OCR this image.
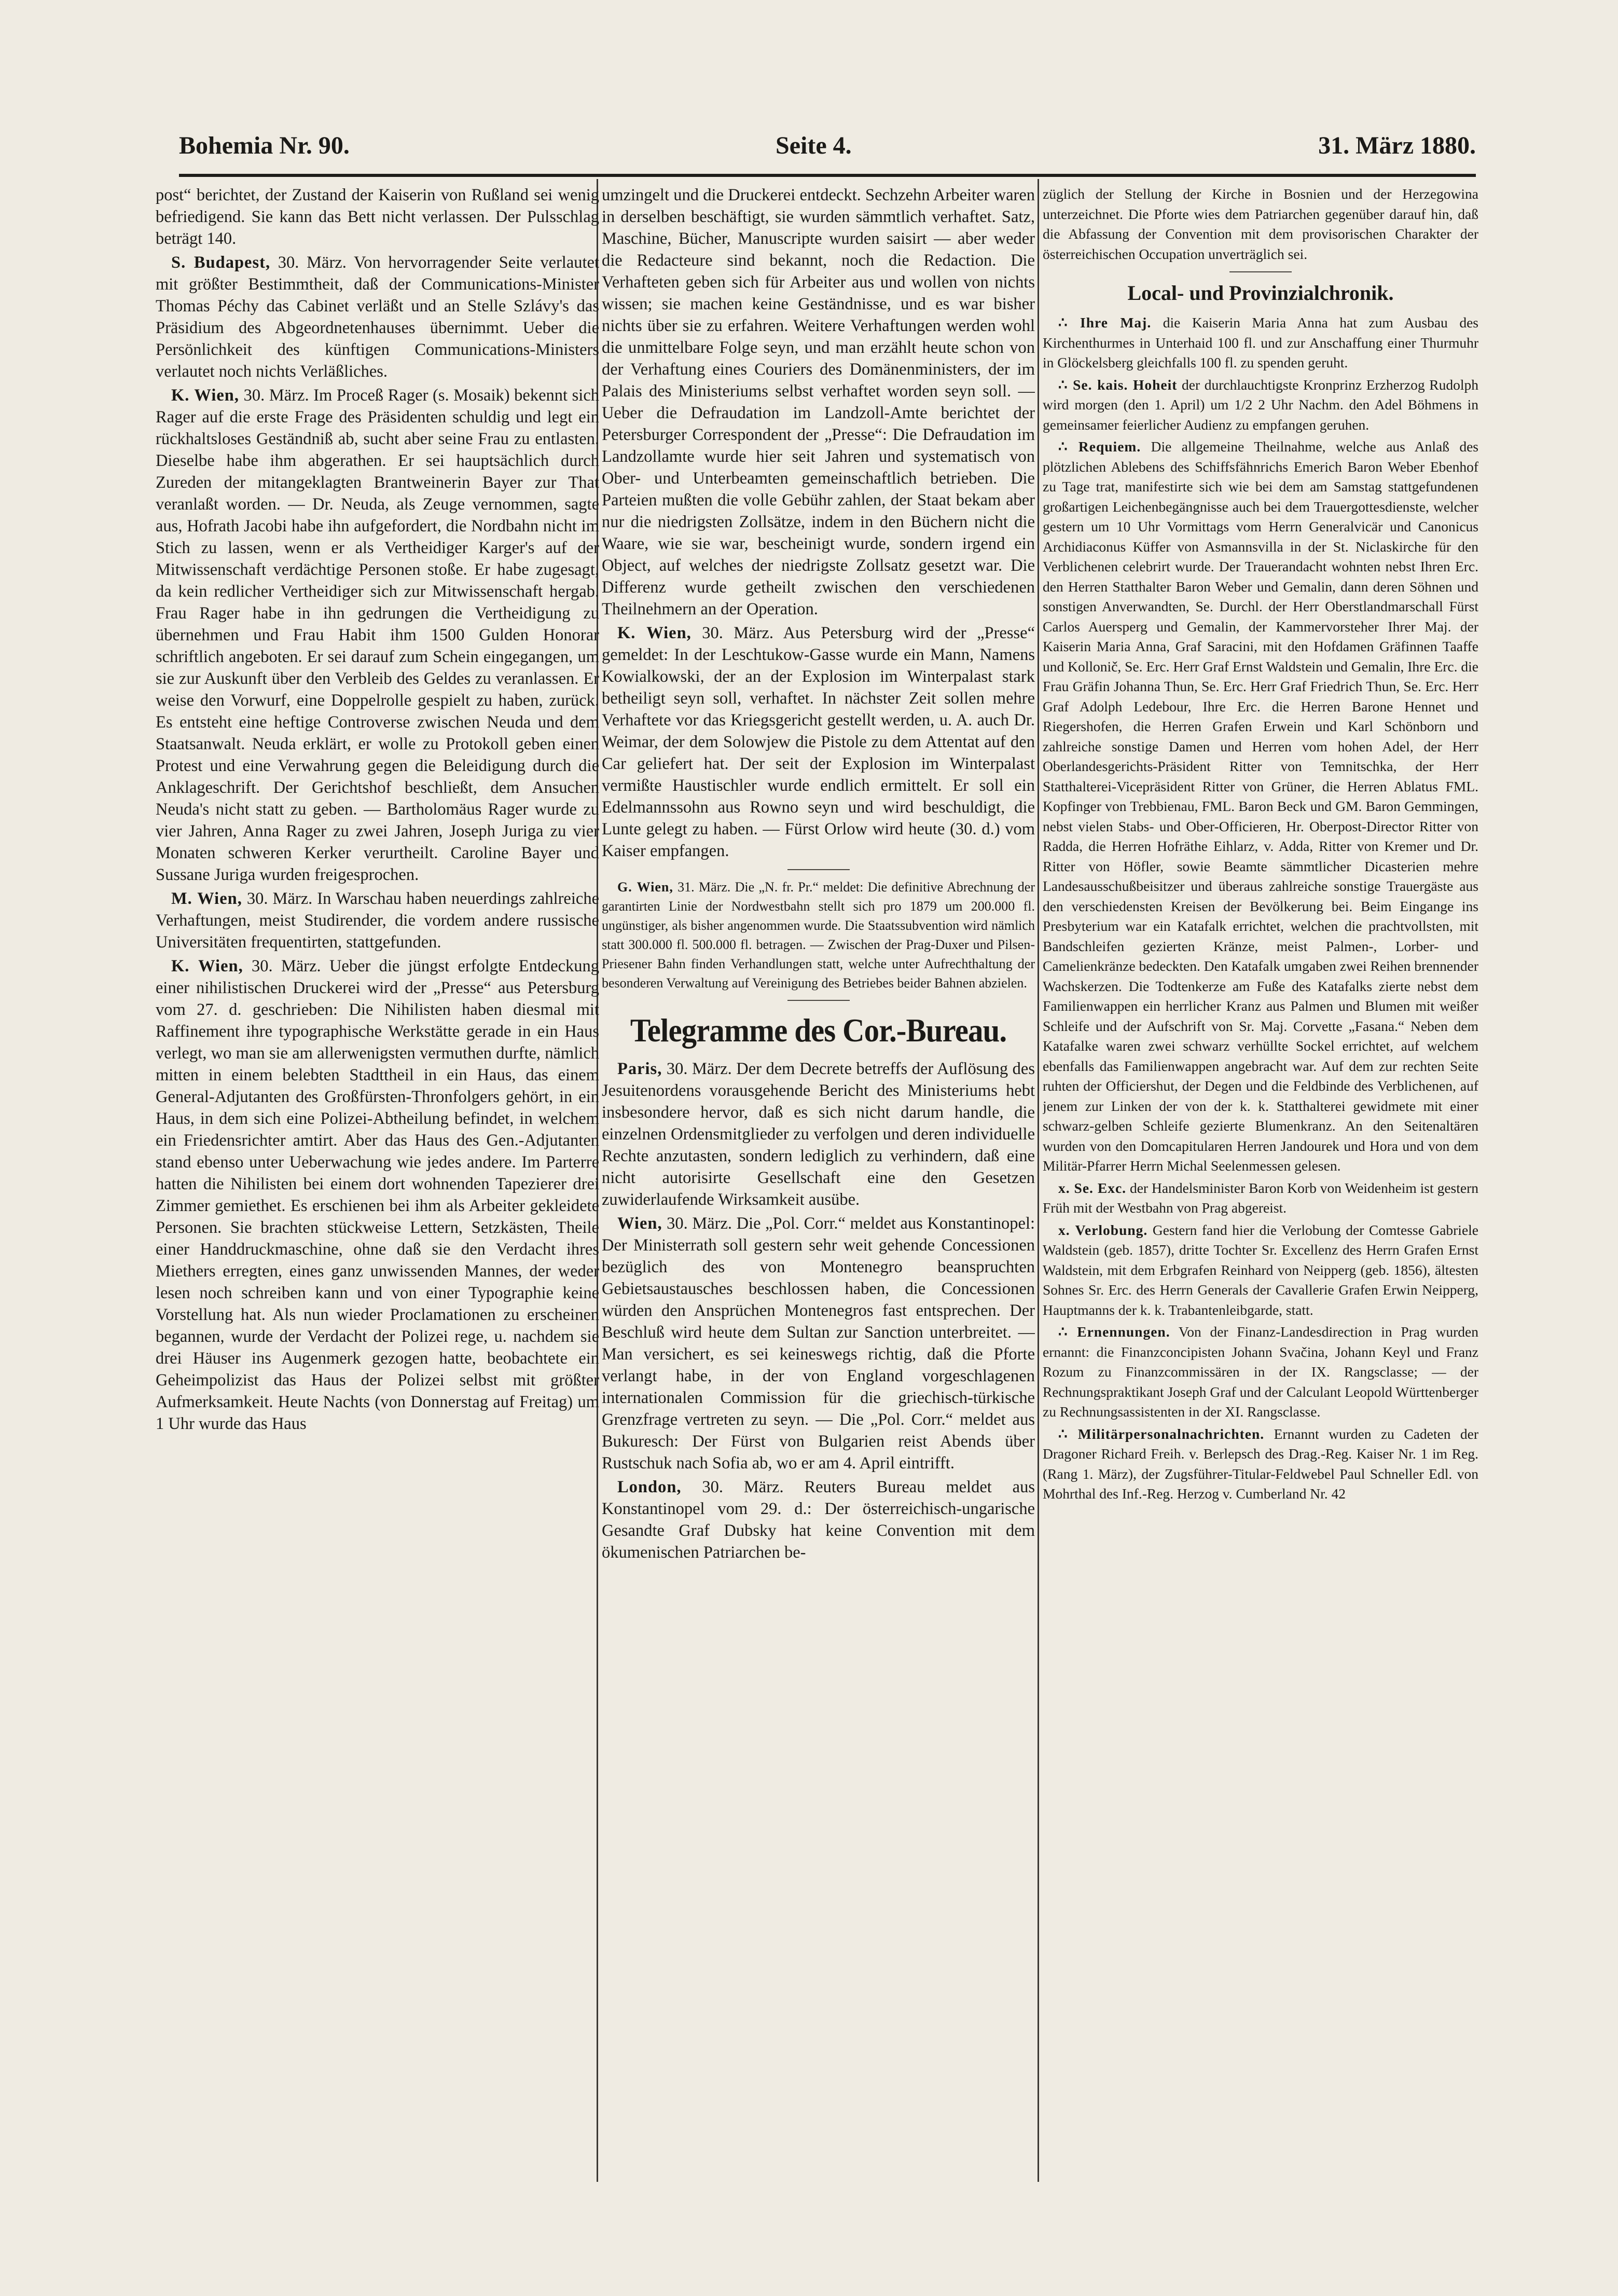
Bohemia Nr. 90.	Seite 4.	31. März 1880.

post“ berichtet, der Zustand der Kaiserin von Rußland sei wenig befriedigend. Sie kann das Bett nicht verlassen. Der Pulsschlag beträgt 140.

S. Budapest, 30. März. Von hervorragender Seite verlautet mit größter Bestimmtheit, daß der Communications-Minister Thomas Péchy das Cabinet verläßt und an Stelle Szlávy's das Präsidium des Abgeordnetenhauses übernimmt. Ueber die Persönlichkeit des künftigen Communications-Ministers verlautet noch nichts Verläßliches.

K. Wien, 30. März. Im Proceß Rager (s. Mosaik) bekennt sich Rager auf die erste Frage des Präsidenten schuldig und legt ein rückhaltsloses Geständniß ab, sucht aber seine Frau zu entlasten. Dieselbe habe ihm abgerathen. Er sei hauptsächlich durch Zureden der mitangeklagten Brantweinerin Bayer zur That veranlaßt worden. — Dr. Neuda, als Zeuge vernommen, sagte aus, Hofrath Jacobi habe ihn aufgefordert, die Nordbahn nicht im Stich zu lassen, wenn er als Vertheidiger Karger's auf der Mitwissenschaft verdächtige Personen stoße. Er habe zugesagt, da kein redlicher Vertheidiger sich zur Mitwissenschaft hergab. Frau Rager habe in ihn gedrungen die Vertheidigung zu übernehmen und Frau Habit ihm 1500 Gulden Honorar schriftlich angeboten. Er sei darauf zum Schein eingegangen, um sie zur Auskunft über den Verbleib des Geldes zu veranlassen. Er weise den Vorwurf, eine Doppelrolle gespielt zu haben, zurück. Es entsteht eine heftige Controverse zwischen Neuda und dem Staatsanwalt. Neuda erklärt, er wolle zu Protokoll geben einen Protest und eine Verwahrung gegen die Beleidigung durch die Anklageschrift. Der Gerichtshof beschließt, dem Ansuchen Neuda's nicht statt zu geben. — Bartholomäus Rager wurde zu vier Jahren, Anna Rager zu zwei Jahren, Joseph Juriga zu vier Monaten schweren Kerker verurtheilt. Caroline Bayer und Sussane Juriga wurden freigesprochen.

M. Wien, 30. März. In Warschau haben neuerdings zahlreiche Verhaftungen, meist Studirender, die vordem andere russische Universitäten frequentirten, stattgefunden.

K. Wien, 30. März. Ueber die jüngst erfolgte Entdeckung einer nihilistischen Druckerei wird der „Presse“ aus Petersburg vom 27. d. geschrieben: Die Nihilisten haben diesmal mit Raffinement ihre typographische Werkstätte gerade in ein Haus verlegt, wo man sie am allerwenigsten vermuthen durfte, nämlich mitten in einem belebten Stadttheil in ein Haus, das einem General-Adjutanten des Großfürsten-Thronfolgers gehört, in ein Haus, in dem sich eine Polizei-Abtheilung befindet, in welchem ein Friedensrichter amtirt. Aber das Haus des Gen.-Adjutanten stand ebenso unter Ueberwachung wie jedes andere. Im Parterre hatten die Nihilisten bei einem dort wohnenden Tapezierer drei Zimmer gemiethet. Es erschienen bei ihm als Arbeiter gekleidete Personen. Sie brachten stückweise Lettern, Setzkästen, Theile einer Handdruckmaschine, ohne daß sie den Verdacht ihres Miethers erregten, eines ganz unwissenden Mannes, der weder lesen noch schreiben kann und von einer Typographie keine Vorstellung hat. Als nun wieder Proclamationen zu erscheinen begannen, wurde der Verdacht der Polizei rege, u. nachdem sie drei Häuser ins Augenmerk gezogen hatte, beobachtete ein Geheimpolizist das Haus der Polizei selbst mit größter Aufmerksamkeit. Heute Nachts (von Donnerstag auf Freitag) um 1 Uhr wurde das Haus

umzingelt und die Druckerei entdeckt. Sechzehn Arbeiter waren in derselben beschäftigt, sie wurden sämmtlich verhaftet. Satz, Maschine, Bücher, Manuscripte wurden saisirt — aber weder die Redacteure sind bekannt, noch die Redaction. Die Verhafteten geben sich für Arbeiter aus und wollen von nichts wissen; sie machen keine Geständnisse, und es war bisher nichts über sie zu erfahren. Weitere Verhaftungen werden wohl die unmittelbare Folge seyn, und man erzählt heute schon von der Verhaftung eines Couriers des Domänenministers, der im Palais des Ministeriums selbst verhaftet worden seyn soll. — Ueber die Defraudation im Landzoll-Amte berichtet der Petersburger Correspondent der „Presse“: Die Defraudation im Landzollamte wurde hier seit Jahren und systematisch von Ober- und Unterbeamten gemeinschaftlich betrieben. Die Parteien mußten die volle Gebühr zahlen, der Staat bekam aber nur die niedrigsten Zollsätze, indem in den Büchern nicht die Waare, wie sie war, bescheinigt wurde, sondern irgend ein Object, auf welches der niedrigste Zollsatz gesetzt war. Die Differenz wurde getheilt zwischen den verschiedenen Theilnehmern an der Operation.

K. Wien, 30. März. Aus Petersburg wird der „Presse“ gemeldet: In der Leschtukow-Gasse wurde ein Mann, Namens Kowialkowski, der an der Explosion im Winterpalast stark betheiligt seyn soll, verhaftet. In nächster Zeit sollen mehre Verhaftete vor das Kriegsgericht gestellt werden, u. A. auch Dr. Weimar, der dem Solowjew die Pistole zu dem Attentat auf den Car geliefert hat. Der seit der Explosion im Winterpalast vermißte Haustischler wurde endlich ermittelt. Er soll ein Edelmannssohn aus Rowno seyn und wird beschuldigt, die Lunte gelegt zu haben. — Fürst Orlow wird heute (30. d.) vom Kaiser empfangen.

G. Wien, 31. März. Die „N. fr. Pr.“ meldet: Die definitive Abrechnung der garantirten Linie der Nordwestbahn stellt sich pro 1879 um 200.000 fl. ungünstiger, als bisher angenommen wurde. Die Staatssubvention wird nämlich statt 300.000 fl. 500.000 fl. betragen. — Zwischen der Prag-Duxer und Pilsen-Priesener Bahn finden Verhandlungen statt, welche unter Aufrechthaltung der besonderen Verwaltung auf Vereinigung des Betriebes beider Bahnen abzielen.

Telegramme des Cor.-Bureau.

Paris, 30. März. Der dem Decrete betreffs der Auflösung des Jesuitenordens vorausgehende Bericht des Ministeriums hebt insbesondere hervor, daß es sich nicht darum handle, die einzelnen Ordensmitglieder zu verfolgen und deren individuelle Rechte anzutasten, sondern lediglich zu verhindern, daß eine nicht autorisirte Gesellschaft eine den Gesetzen zuwiderlaufende Wirksamkeit ausübe.

Wien, 30. März. Die „Pol. Corr.“ meldet aus Konstantinopel: Der Ministerrath soll gestern sehr weit gehende Concessionen bezüglich des von Montenegro beanspruchten Gebietsaustausches beschlossen haben, die Concessionen würden den Ansprüchen Montenegros fast entsprechen. Der Beschluß wird heute dem Sultan zur Sanction unterbreitet. — Man versichert, es sei keineswegs richtig, daß die Pforte verlangt habe, in der von England vorgeschlagenen internationalen Commission für die griechisch-türkische Grenzfrage vertreten zu seyn. — Die „Pol. Corr.“ meldet aus Bukuresch: Der Fürst von Bulgarien reist Abends über Rustschuk nach Sofia ab, wo er am 4. April eintrifft.

London, 30. März. Reuters Bureau meldet aus Konstantinopel vom 29. d.: Der österreichisch-ungarische Gesandte Graf Dubsky hat keine Convention mit dem ökumenischen Patriarchen be-

züglich der Stellung der Kirche in Bosnien und der Herzegowina unterzeichnet. Die Pforte wies dem Patriarchen gegenüber darauf hin, daß die Abfassung der Convention mit dem provisorischen Charakter der österreichischen Occupation unverträglich sei.

Local- und Provinzialchronik.

∴ Ihre Maj. die Kaiserin Maria Anna hat zum Ausbau des Kirchenthurmes in Unterhaid 100 fl. und zur Anschaffung einer Thurmuhr in Glöckelsberg gleichfalls 100 fl. zu spenden geruht.

∴ Se. kais. Hoheit der durchlauchtigste Kronprinz Erzherzog Rudolph wird morgen (den 1. April) um 1/2 2 Uhr Nachm. den Adel Böhmens in gemeinsamer feierlicher Audienz zu empfangen geruhen.

∴ Requiem. Die allgemeine Theilnahme, welche aus Anlaß des plötzlichen Ablebens des Schiffsfähnrichs Emerich Baron Weber Ebenhof zu Tage trat, manifestirte sich wie bei dem am Samstag stattgefundenen großartigen Leichenbegängnisse auch bei dem Trauergottesdienste, welcher gestern um 10 Uhr Vormittags vom Herrn Generalvicär und Canonicus Archidiaconus Küffer von Asmannsvilla in der St. Niclaskirche für den Verblichenen celebrirt wurde. Der Trauerandacht wohnten nebst Ihren Erc. den Herren Statthalter Baron Weber und Gemalin, dann deren Söhnen und sonstigen Anverwandten, Se. Durchl. der Herr Oberstlandmarschall Fürst Carlos Auersperg und Gemalin, der Kammervorsteher Ihrer Maj. der Kaiserin Maria Anna, Graf Saracini, mit den Hofdamen Gräfinnen Taaffe und Kollonič, Se. Erc. Herr Graf Ernst Waldstein und Gemalin, Ihre Erc. die Frau Gräfin Johanna Thun, Se. Erc. Herr Graf Friedrich Thun, Se. Erc. Herr Graf Adolph Ledebour, Ihre Erc. die Herren Barone Hennet und Riegershofen, die Herren Grafen Erwein und Karl Schönborn und zahlreiche sonstige Damen und Herren vom hohen Adel, der Herr Oberlandesgerichts-Präsident Ritter von Temnitschka, der Herr Statthalterei-Vicepräsident Ritter von Grüner, die Herren Ablatus FML. Kopfinger von Trebbienau, FML. Baron Beck und GM. Baron Gemmingen, nebst vielen Stabs- und Ober-Officieren, Hr. Oberpost-Director Ritter von Radda, die Herren Hofräthe Eihlarz, v. Adda, Ritter von Kremer und Dr. Ritter von Höfler, sowie Beamte sämmtlicher Dicasterien mehre Landesausschußbeisitzer und überaus zahlreiche sonstige Trauergäste aus den verschiedensten Kreisen der Bevölkerung bei. Beim Eingange ins Presbyterium war ein Katafalk errichtet, welchen die prachtvollsten, mit Bandschleifen gezierten Kränze, meist Palmen-, Lorber- und Camelienkränze bedeckten. Den Katafalk umgaben zwei Reihen brennender Wachskerzen. Die Todtenkerze am Fuße des Katafalks zierte nebst dem Familienwappen ein herrlicher Kranz aus Palmen und Blumen mit weißer Schleife und der Aufschrift von Sr. Maj. Corvette „Fasana.“ Neben dem Katafalke waren zwei schwarz verhüllte Sockel errichtet, auf welchem ebenfalls das Familienwappen angebracht war. Auf dem zur rechten Seite ruhten der Officiershut, der Degen und die Feldbinde des Verblichenen, auf jenem zur Linken der von der k. k. Statthalterei gewidmete mit einer schwarz-gelben Schleife gezierte Blumenkranz. An den Seitenaltären wurden von den Domcapitularen Herren Jandourek und Hora und von dem Militär-Pfarrer Herrn Michal Seelenmessen gelesen.

x. Se. Exc. der Handelsminister Baron Korb von Weidenheim ist gestern Früh mit der Westbahn von Prag abgereist.

x. Verlobung. Gestern fand hier die Verlobung der Comtesse Gabriele Waldstein (geb. 1857), dritte Tochter Sr. Excellenz des Herrn Grafen Ernst Waldstein, mit dem Erbgrafen Reinhard von Neipperg (geb. 1856), ältesten Sohnes Sr. Erc. des Herrn Generals der Cavallerie Grafen Erwin Neipperg, Hauptmanns der k. k. Trabantenleibgarde, statt.

∴ Ernennungen. Von der Finanz-Landesdirection in Prag wurden ernannt: die Finanzconcipisten Johann Svačina, Johann Keyl und Franz Rozum zu Finanzcommissären in der IX. Rangsclasse; — der Rechnungspraktikant Joseph Graf und der Calculant Leopold Württenberger zu Rechnungsassistenten in der XI. Rangsclasse.

∴ Militärpersonalnachrichten. Ernannt wurden zu Cadeten der Dragoner Richard Freih. v. Berlepsch des Drag.-Reg. Kaiser Nr. 1 im Reg. (Rang 1. März), der Zugsführer-Titular-Feldwebel Paul Schneller Edl. von Mohrthal des Inf.-Reg. Herzog v. Cumberland Nr. 42
